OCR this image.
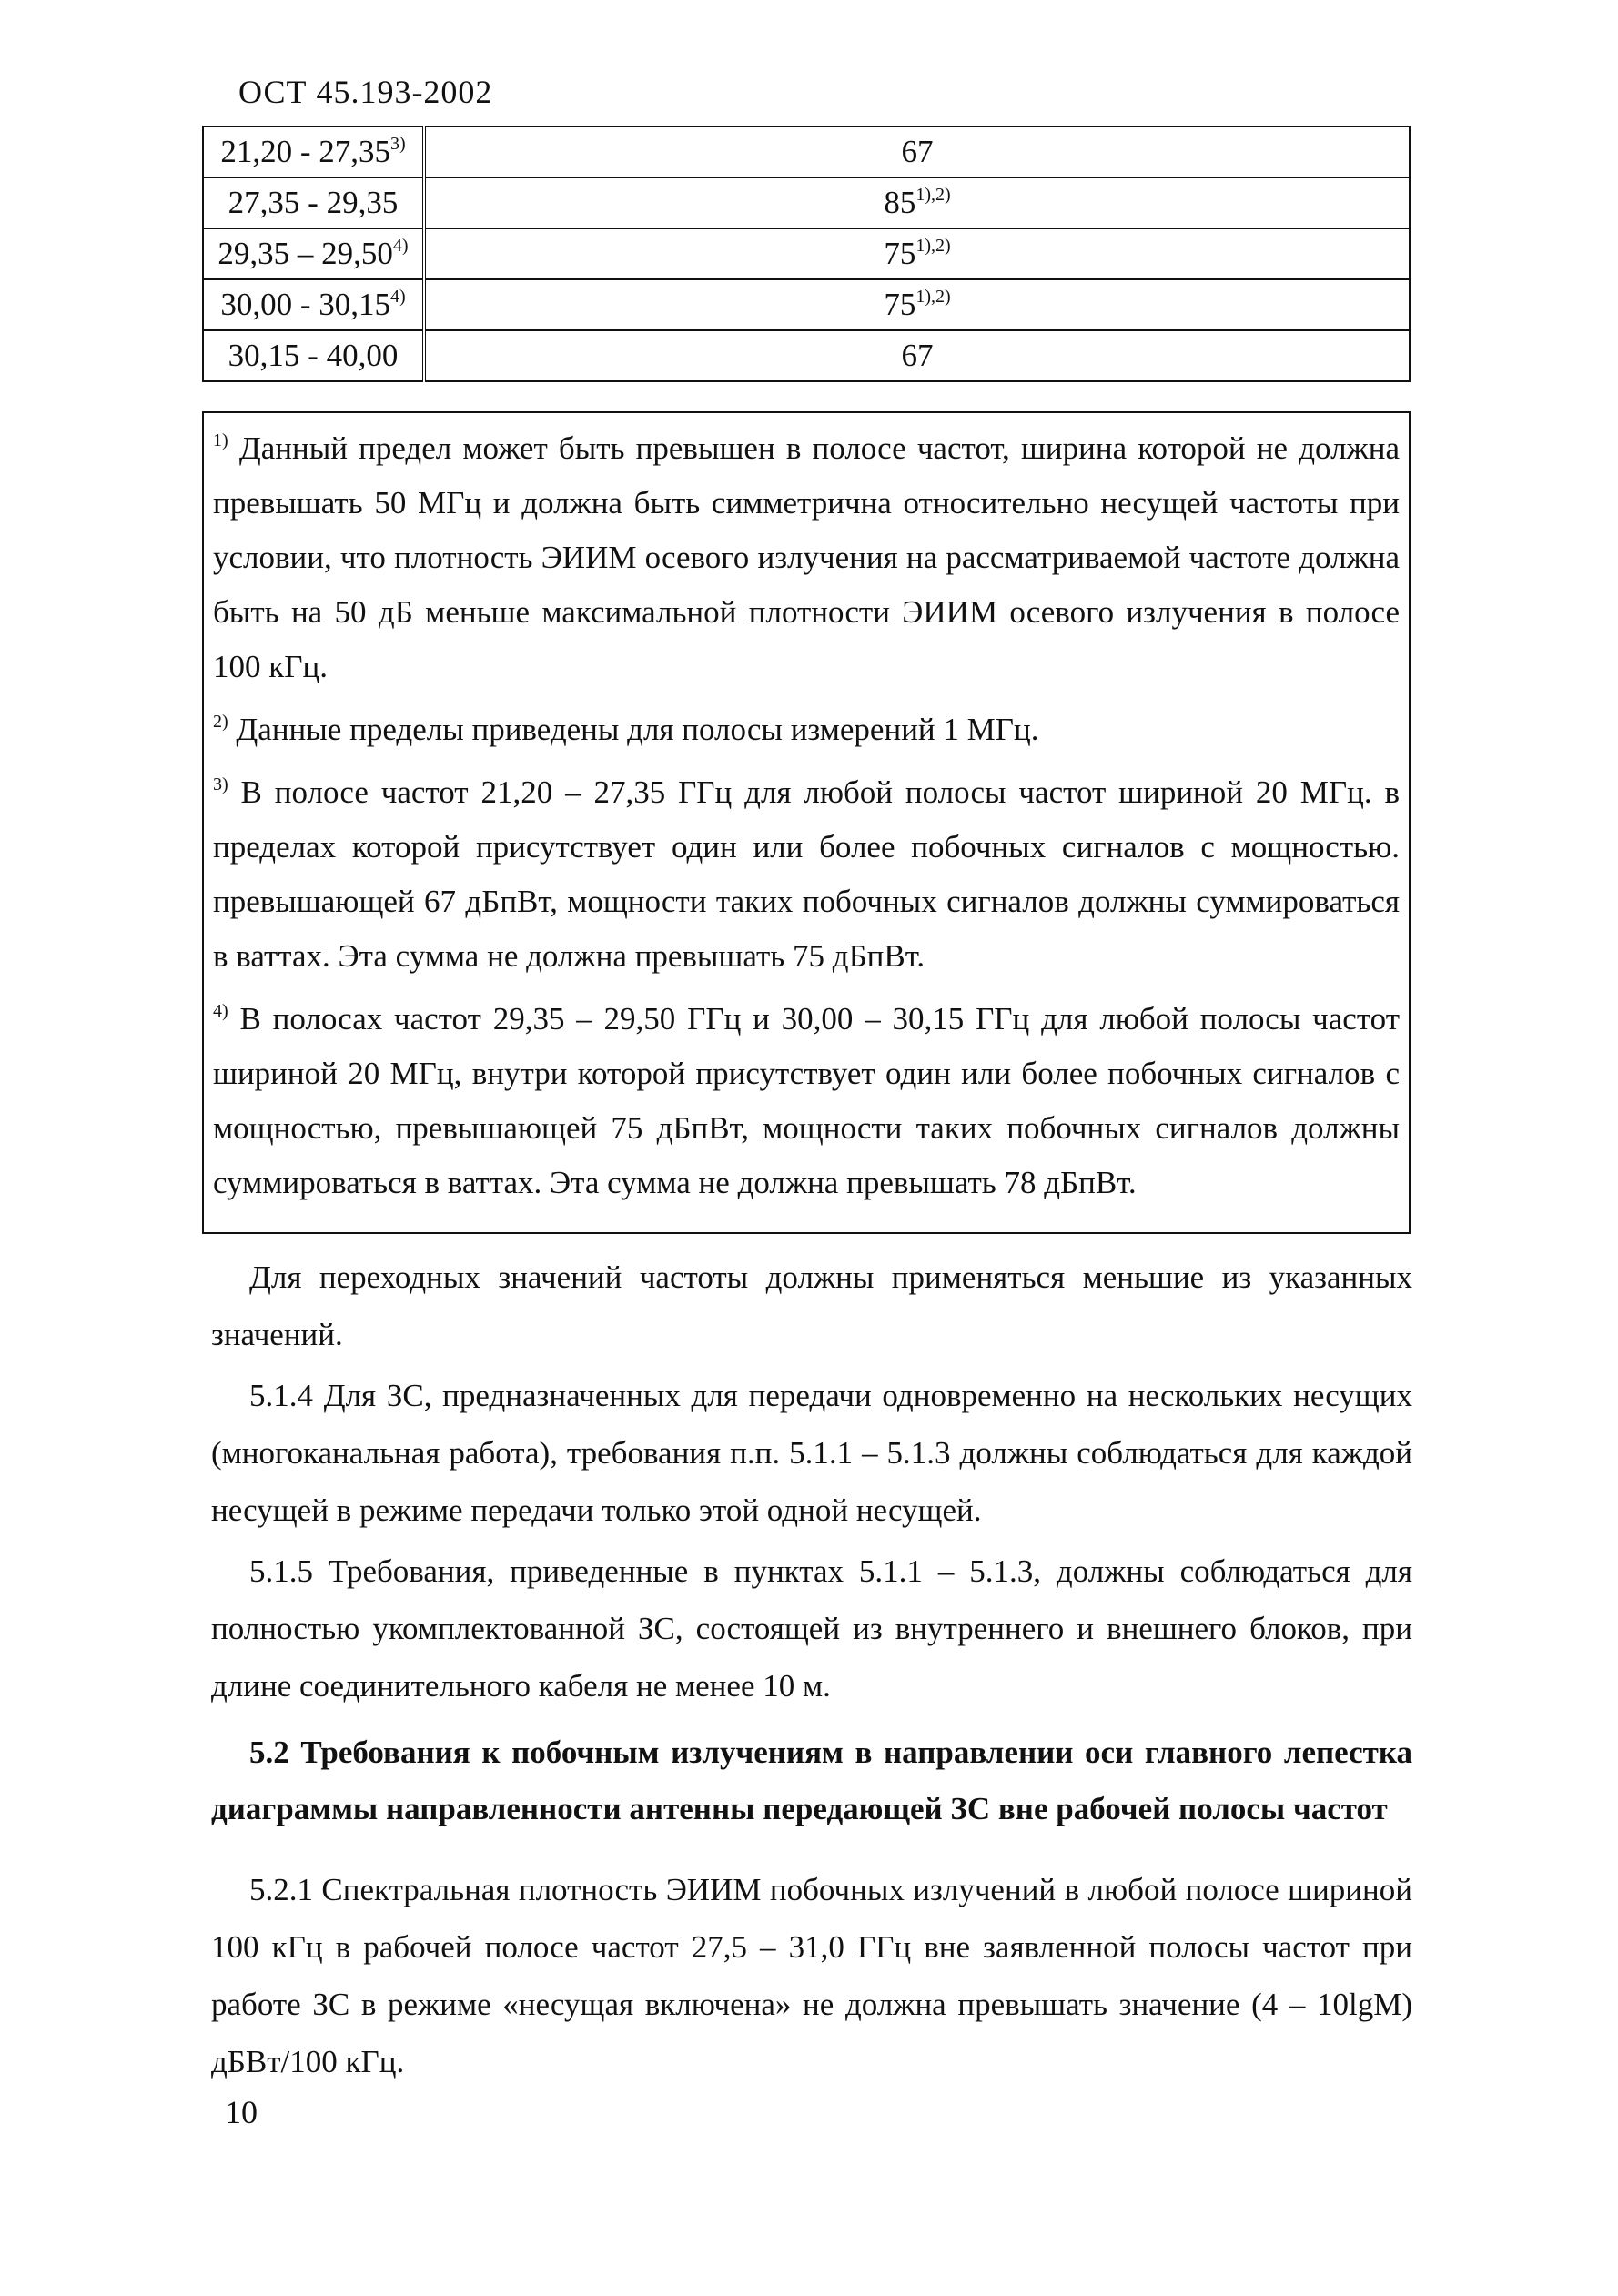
ОСТ 45.193-2002
21,20 - 27,35$^{3)}$	67
27,35 - 29,35	$85^{1),2)}$
29,35 – 29,50$^{4)}$	$75^{1),2)}$
30,00 - 30,15$^{4)}$	$75^{1),2)}$
30,15 - 40,00	67

$^{1)}$ Данный предел может быть превышен в полосе частот, ширина которой не должна превышать 50 МГц и должна быть симметрична относительно несущей частоты при условии, что плотность ЭИИМ осевого излучения на рассматриваемой частоте должна быть на 50 дБ меньше максимальной плотности ЭИИМ осевого излучения в полосе 100 кГц.

$^{2)}$ Данные пределы приведены для полосы измерений 1 МГц.

$^{3)}$ В полосе частот 21,20 – 27,35 ГГц для любой полосы частот шириной 20 МГц. в пределах которой присутствует один или более побочных сигналов с мощностью. превышающей 67 дБпВт, мощности таких побочных сигналов должны суммироваться в ваттах. Эта сумма не должна превышать 75 дБпВт.

$^{4)}$ В полосах частот 29,35 – 29,50 ГГц и 30,00 – 30,15 ГГц для любой полосы частот шириной 20 МГц, внутри которой присутствует один или более побочных сигналов с мощностью, превышающей 75 дБпВт, мощности таких побочных сигналов должны суммироваться в ваттах. Эта сумма не должна превышать 78 дБпВт.

Для переходных значений частоты должны применяться меньшие из указанных значений.

5.1.4 Для ЗС, предназначенных для передачи одновременно на нескольких несущих (многоканальная работа), требования п.п. 5.1.1 – 5.1.3 должны соблюдаться для каждой несущей в режиме передачи только этой одной несущей.

5.1.5 Требования, приведенные в пунктах 5.1.1 – 5.1.3, должны соблюдаться для полностью укомплектованной ЗС, состоящей из внутреннего и внешнего блоков, при длине соединительного кабеля не менее 10 м.

5.2 Требования к побочным излучениям в направлении оси главного лепестка диаграммы направленности антенны передающей ЗС вне рабочей полосы частот

5.2.1 Спектральная плотность ЭИИМ побочных излучений в любой полосе шириной 100 кГц в рабочей полосе частот 27,5 – 31,0 ГГц вне заявленной полосы частот при работе ЗС в режиме «несущая включена» не должна превышать значение (4 – 10lgM) дБВт/100 кГц.

10
